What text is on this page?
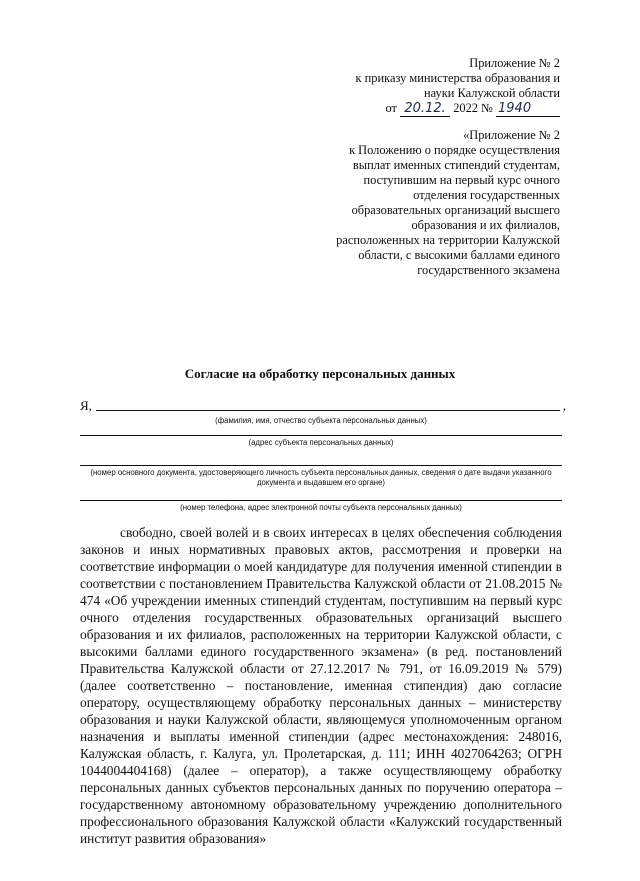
Приложение № 2
к приказу министерства образования и
науки Калужской области
от 20.12. 2022 № 1940
«Приложение № 2
к Положению о порядке осуществления
выплат именных стипендий студентам,
поступившим на первый курс очного
отделения государственных
образовательных организаций высшего
образования и их филиалов,
расположенных на территории Калужской
области, с высокими баллами единого
государственного экзамена
Согласие на обработку персональных данных
Я,	,
(фамилия, имя, отчество субъекта персональных данных)
(адрес субъекта персональных данных)
(номер основного документа, удостоверяющего личность субъекта персональных данных, сведения о дате выдачи указанного документа и выдавшем его органе)
(номер телефона, адрес электронной почты субъекта персональных данных)

свободно, своей волей и в своих интересах в целях обеспечения соблюдения законов и иных нормативных правовых актов, рассмотрения и проверки на соответствие информации о моей кандидатуре для получения именной стипендии в соответствии с постановлением Правительства Калужской области от 21.08.2015 № 474 «Об учреждении именных стипендий студентам, поступившим на первый курс очного отделения государственных образовательных организаций высшего образования и их филиалов, расположенных на территории Калужской области, с высокими баллами единого государственного экзамена» (в ред. постановлений Правительства Калужской области от 27.12.2017 № 791, от 16.09.2019 № 579) (далее соответственно – постановление, именная стипендия) даю согласие оператору, осуществляющему обработку персональных данных – министерству образования и науки Калужской области, являющемуся уполномоченным органом назначения и выплаты именной стипендии (адрес местонахождения: 248016, Калужская область, г. Калуга, ул. Пролетарская, д. 111; ИНН 4027064263; ОГРН 1044004404168) (далее – оператор), а также осуществляющему обработку персональных данных субъектов персональных данных по поручению оператора – государственному автономному образовательному учреждению дополнительного профессионального образования Калужской области «Калужский государственный институт развития образования»
